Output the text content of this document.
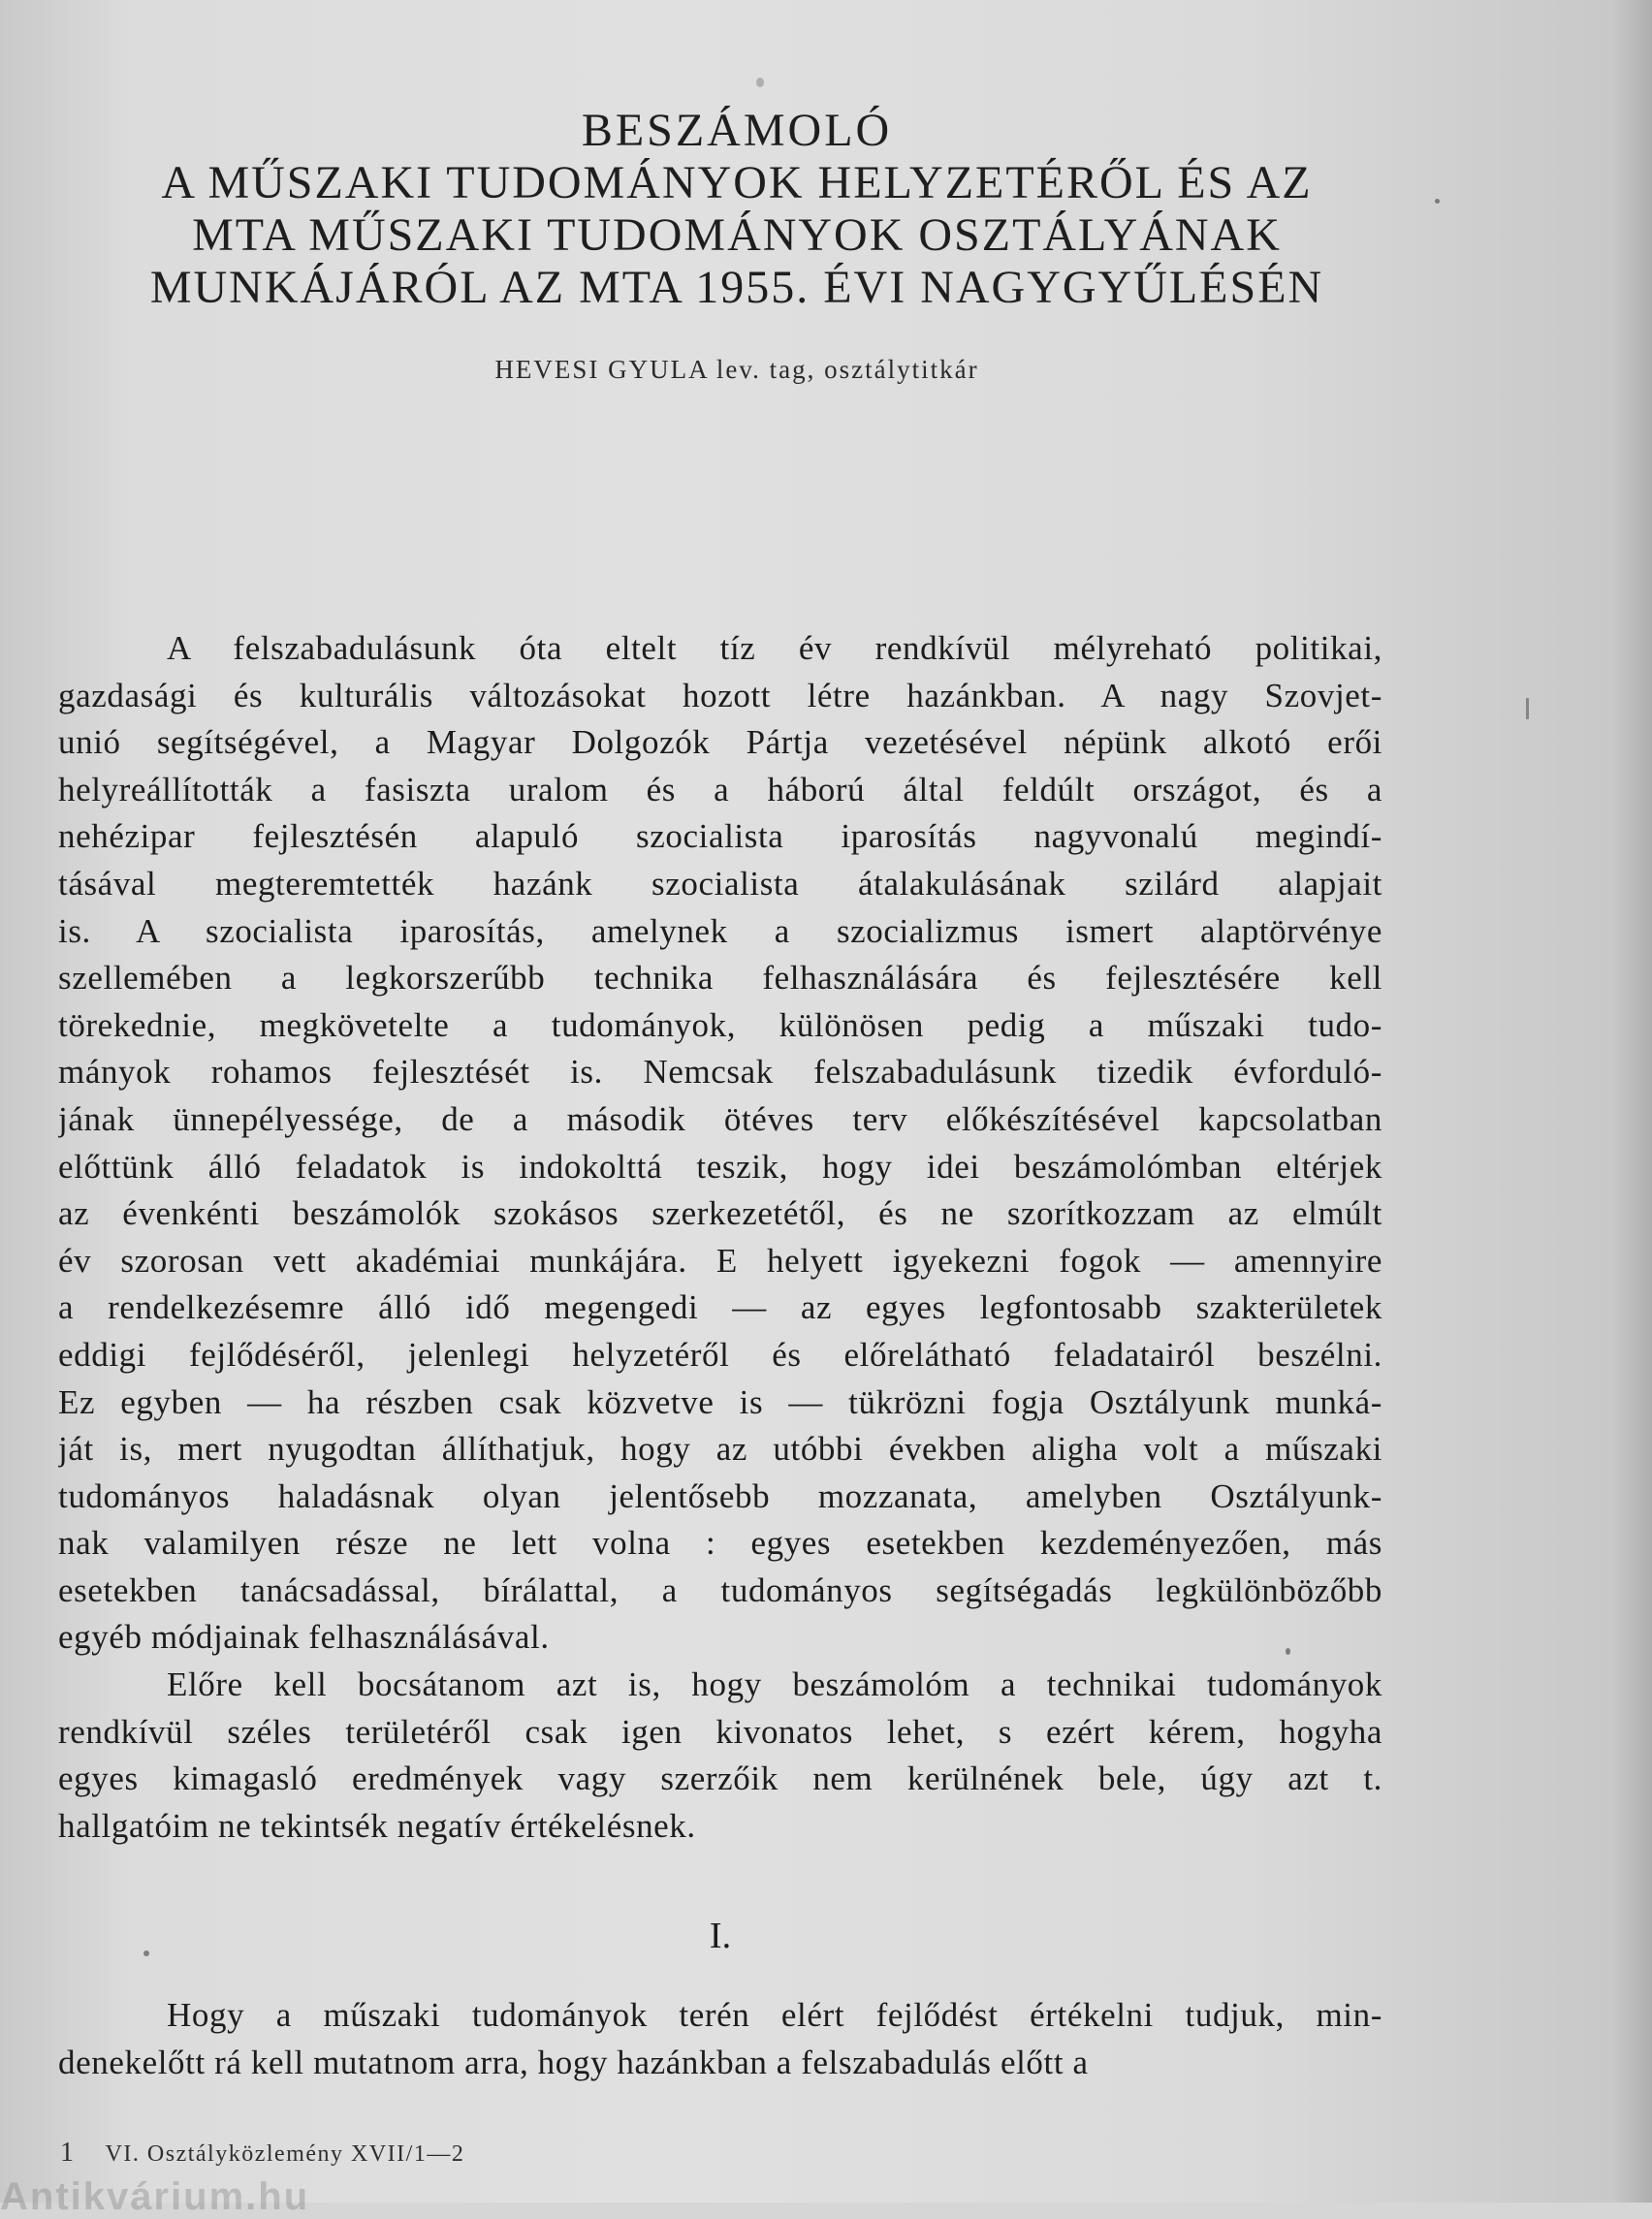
BESZÁMOLÓ
A MŰSZAKI TUDOMÁNYOK HELYZETÉRŐL ÉS AZ
MTA MŰSZAKI TUDOMÁNYOK OSZTÁLYÁNAK
MUNKÁJÁRÓL AZ MTA 1955. ÉVI NAGYGYŰLÉSÉN
HEVESI GYULA lev. tag, osztálytitkár

A felszabadulásunk óta eltelt tíz év rendkívül mélyreható politikai,
gazdasági és kulturális változásokat hozott létre hazánkban. A nagy Szovjet-
unió segítségével, a Magyar Dolgozók Pártja vezetésével népünk alkotó erői
helyreállították a fasiszta uralom és a háború által feldúlt országot, és a
nehézipar fejlesztésén alapuló szocialista iparosítás nagyvonalú megindí-
tásával megteremtették hazánk szocialista átalakulásának szilárd alapjait
is. A szocialista iparosítás, amelynek a szocializmus ismert alaptörvénye
szellemében a legkorszerűbb technika felhasználására és fejlesztésére kell
törekednie, megkövetelte a tudományok, különösen pedig a műszaki tudo-
mányok rohamos fejlesztését is. Nemcsak felszabadulásunk tizedik évforduló-
jának ünnepélyessége, de a második ötéves terv előkészítésével kapcsolatban
előttünk álló feladatok is indokolttá teszik, hogy idei beszámolómban eltérjek
az évenkénti beszámolók szokásos szerkezetétől, és ne szorítkozzam az elmúlt
év szorosan vett akadémiai munkájára. E helyett igyekezni fogok — amennyire
a rendelkezésemre álló idő megengedi — az egyes legfontosabb szakterületek
eddigi fejlődéséről, jelenlegi helyzetéről és előrelátható feladatairól beszélni.
Ez egyben — ha részben csak közvetve is — tükrözni fogja Osztályunk munká-
ját is, mert nyugodtan állíthatjuk, hogy az utóbbi években aligha volt a műszaki
tudományos haladásnak olyan jelentősebb mozzanata, amelyben Osztályunk-
nak valamilyen része ne lett volna : egyes esetekben kezdeményezően, más
esetekben tanácsadással, bírálattal, a tudományos segítségadás legkülönbözőbb
egyéb módjainak felhasználásával.

Előre kell bocsátanom azt is, hogy beszámolóm a technikai tudományok
rendkívül széles területéről csak igen kivonatos lehet, s ezért kérem, hogyha
egyes kimagasló eredmények vagy szerzőik nem kerülnének bele, úgy azt t.
hallgatóim ne tekintsék negatív értékelésnek.

I.

Hogy a műszaki tudományok terén elért fejlődést értékelni tudjuk, min-
denekelőtt rá kell mutatnom arra, hogy hazánkban a felszabadulás előtt a

1 VI. Osztályközlemény XVII/1—2
Antikvárium.hu
